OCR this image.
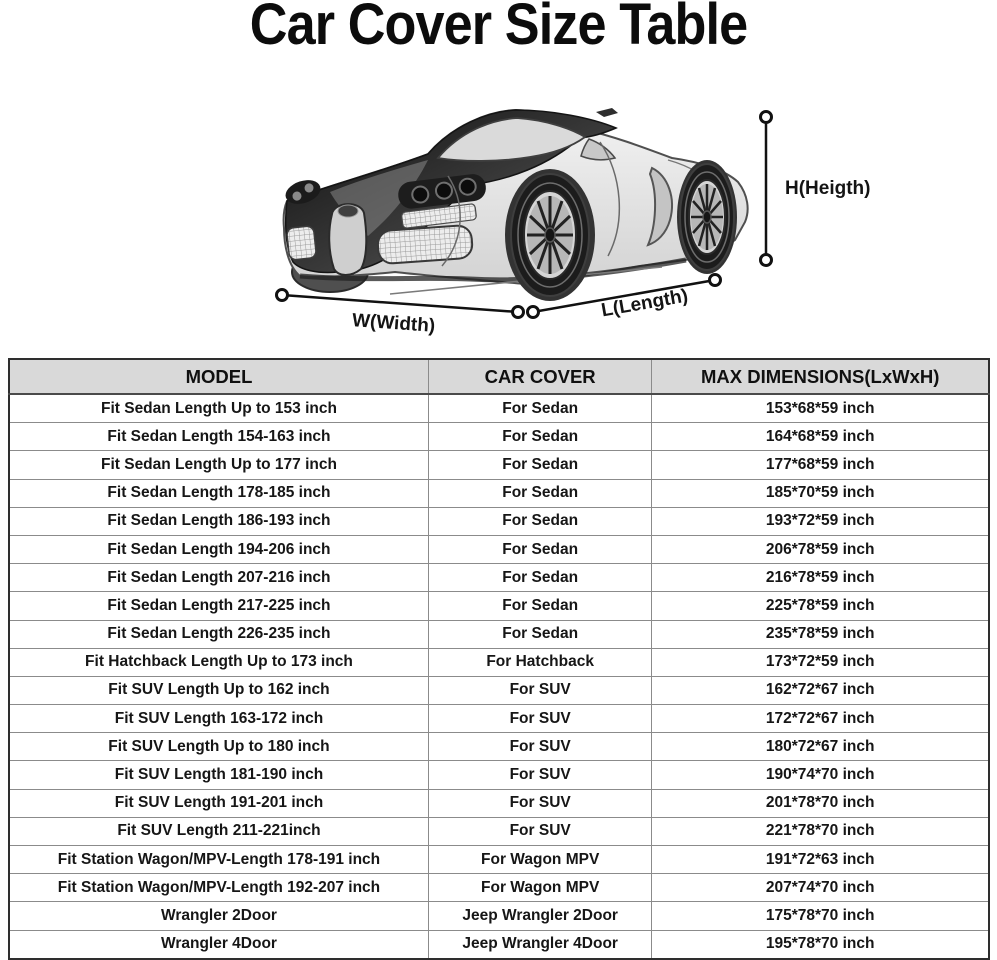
Car Cover Size Table
H(Heigth)
W(Width)
L(Length)
MODEL	CAR COVER	MAX DIMENSIONS(LxWxH)
Fit Sedan Length Up to 153 inch	For Sedan	153*68*59 inch
Fit Sedan Length 154-163 inch	For Sedan	164*68*59 inch
Fit Sedan Length Up to 177 inch	For Sedan	177*68*59 inch
Fit Sedan Length 178-185 inch	For Sedan	185*70*59 inch
Fit Sedan Length 186-193 inch	For Sedan	193*72*59 inch
Fit Sedan Length 194-206 inch	For Sedan	206*78*59 inch
Fit Sedan Length 207-216 inch	For Sedan	216*78*59 inch
Fit Sedan Length 217-225 inch	For Sedan	225*78*59 inch
Fit Sedan Length 226-235 inch	For Sedan	235*78*59 inch
Fit Hatchback Length Up to 173 inch	For Hatchback	173*72*59 inch
Fit SUV Length Up to 162 inch	For SUV	162*72*67 inch
Fit SUV Length 163-172 inch	For SUV	172*72*67 inch
Fit SUV Length Up to 180 inch	For SUV	180*72*67 inch
Fit SUV Length 181-190 inch	For SUV	190*74*70 inch
Fit SUV Length 191-201 inch	For SUV	201*78*70 inch
Fit SUV Length 211-221inch	For SUV	221*78*70 inch
Fit Station Wagon/MPV-Length 178-191 inch	For Wagon MPV	191*72*63 inch
Fit Station Wagon/MPV-Length 192-207 inch	For Wagon MPV	207*74*70 inch
Wrangler 2Door	Jeep Wrangler 2Door	175*78*70 inch
Wrangler 4Door	Jeep Wrangler 4Door	195*78*70 inch
